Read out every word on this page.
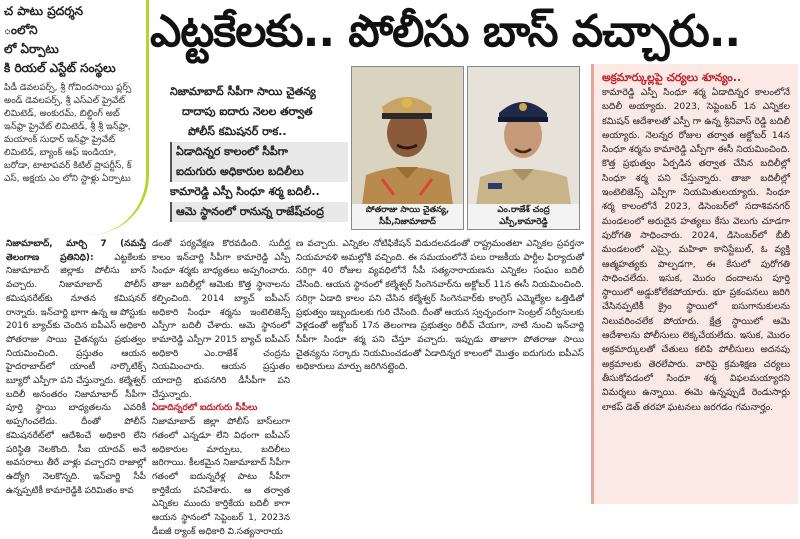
చ పాటు ప్రదర్శన
ంలోని
లో ఏర్పాటు
కి రియల్ ఎస్టేట్ సంస్థలు
పిడీ డెవలపర్స్, శ్రీ గోవిందసాయి ప్లర్స్ అండ్ డెవలపర్స్, శ్రీ ఎస్ఎల్ ప్రైవేట్ లిమిటెడ్, అంకురమ్, బిల్డింగ్ అబ్ ఇన్‌ఫ్రా ప్రైవేట్ లిమిటెడ్, శ్రీ శ్రీ ఇన్‌ఫ్రా, మయాంక్ సుధార్ ఇన్‌ఫ్రా ప్రైవేట్ లిమిటెడ్, బ్యాంక్ ఆఫ్ ఇండియా, బరోడా, టాటాపవర్ కిటిల్ ప్రాపర్టీస్, క్ ఎస్, అక్షయ ఎం లోని స్టాళ్లు ఏర్పాటు
ఎట్టకేలకు.. పోలీసు బాస్ వచ్చారు..
నిజామాబాద్ సీపీగా సాయి చైతన్య
దాదాపు ఐదారు నెలల తర్వాత
పోలీస్ కమిషనర్ రాక..
ఏడాదిన్నర కాలంలో సీపీగా
ఐదుగురు అధికారుల బదిలీలు
కామారెడ్డి ఎస్పీ సింధూ శర్మ బదిలీ..
ఆమె స్థానంలో రానున్న రాజేష్‌చంద్ర	పోతరాజు సాయి చైతన్య,
సీపీ,నిజామాబాద్
ఎం.రాజేశ్ చంద్ర
ఎస్పీ,కామారెడ్డి
నిజామాబాద్, మార్చి 7 (నమస్తే తెలంగాణ ప్రతినిధి): ఎట్టకేలకు నిజామాబాద్ జిల్లాకు పోలీసు బాస్ వచ్చారు. నిజామాబాద్ పోలీస్ కమిషనరేట్‌కు నూతన కమిషనర్ రాన్నారు. ఇన్‌చార్జి భాగా ఉన్న ఆ పోస్టుకు 2016 బ్యాచ్‌కు చెందిన ఐపీఎస్ అధికారి పోతరాజు సాయి చైతన్యను ప్రభుత్వం నియమించింది. ప్రస్తుతం ఆయన హైదరాబాద్‌లో యాంటీ నార్కొటిక్స్ బ్యూరో ఎస్పీగా పని చేస్తున్నారు. కల్మేశ్వర్ బదిలీ అనంతరం నిజామాబాద్ సీపీగా పూర్తి స్థాయి బాధ్యతలను ఎవరికీ అప్పగించలేదు. దీంతో పోలీస్ కమిషనరేట్‌లో ఆదేశించే అధికారి లేని పరిస్థితి నెలకొంది. సీఐ యాదవ్ అనే అవసరాలు తీరే వాళ్లు వచ్చారని రాజాల్లో ఉద్యోగి నెలకొన్నది. ఇన్‌చార్జి సీపీ ఉన్నప్పటికీ కామారెడ్డికి పరిమితం కావ
డంతో పర్యవేక్షణ కొరవడింది. సుదీర్ఘ కాలం ఇన్‌చార్జి సీపీగా కామారెడ్డి ఎస్పీ సింధూ శర్మకు బాధ్యతలు అప్పగించారు. తాజా బదిలీల్లో ఆమెకు కొత్త స్థానాలను కల్పించింది. 2014 బ్యాచ్ ఐపీఎస్ అధికారి సింధూ శర్మను ఇంటెలిజెన్స్ ఎస్పీగా బదిలీ చేశారు. ఆమె స్థానంలో కామారెడ్డి ఎస్పీగా 2015 బ్యాచ్ ఐపీఎస్ అధికారి ఎం.రాజేశ్ చంద్రను నియమించారు. ఆయన ప్రస్తుతం యాదాద్రి భువనగిరి డీసీపీగా పని చేస్తున్నారు.
ఏడాదిన్నరలో ఐదుగురు సీపీలు
నిజామాబాద్ జిల్లా పోలీస్ బాస్‌లుగా గతంలో ఎన్నడూ లేని విధంగా ఐపీఎస్ అధికారుల మార్పులు, బదిలీలు జరిగాయి. కీలకమైన నిజామాబాద్ సీపీగా గతంలో ఐదున్నరేళ్ల పాటు సీపీగా కార్తికేయ పనిచేశారు. ఆ తర్వాత ఎన్నికల ముందు కార్తికేయ బదిలీ కాగా ఆయన స్థానంలో సెప్టెంబర్ 1, 2023న డీఐజీ ర్యాంక్ అధికారి వి.సత్యనారాయ
ణ వచ్చారు. ఎన్నికల నోటిఫికేషన్ విడుదలవడంతో రాష్ట్రమంతటా ఎన్నికల ప్రవర్తనా నియమావళి అమల్లోకి వచ్చింది. ఈ సమయంలోనే పలు రాజకీయ పార్టీల ఫిర్యాదుతో సరిగ్గా 40 రోజుల వ్యవధిలోనే సీపీ సత్యనారాయణను ఎన్నికల సంఘం బదిలీ చేసింది. ఆయన స్థానంలో కల్మేశ్వర్ సింగెనవార్‌ను అక్టోబర్ 11న ఈసీ నియమించింది. సరిగ్గా ఏడాది కాలం పని చేసిన కల్మేశ్వర్ సింగెనవార్‌కు కాంగ్రెస్ ఎమ్మెల్యేల ఒత్తిడితో ప్రభుత్వం ఇబ్బందులకు గురి చేసింది. దీంతో ఆయన స్వచ్ఛందంగా సెంట్రల్ సర్వీసులకు వెళ్లడంతో అక్టోబర్ 17న తెలంగాణ ప్రభుత్వం రిలీవ్ చేయగా, నాటి నుంచి ఇన్‌చార్జి సీపీగా సింధూ శర్మ పని చేస్తూ వచ్చారు. ఇప్పుడు తాజాగా పోతరాజు సాయి చైతన్యను సర్కారు నియమించడంతో ఏడాదిన్నర కాలంలో మొత్తం ఐదుగురు ఐపీఎస్ అధికారులు మార్పు జరిగినట్లైంది.
అక్రమార్కుల్లపై చర్యలు శూన్యం..
కామారెడ్డి ఎస్పీ సింధూ శర్మ ఏడాదిన్నర కాలంలోనే బదిలీ అయ్యారు. 2023, సెప్టెంబర్ 1న ఎన్నికల కమిషన్ ఆదేశాలతో ఎస్పీ గా ఉన్న శ్రీనివాస్ రెడ్డి బదిలీ అయ్యారు. నెలన్నర రోజుల తర్వాత అక్టోబర్ 14న సింధూ శర్మను కామారెడ్డి ఎస్పీగా ఈసీ నియమించింది. కొత్త ప్రభుత్వం ఏర్పడిన తర్వాత చేసిన బదిలీల్లో సింధూ శర్మ పని చేస్తున్నారు. తాజా బదిలీల్లో ఇంటెలిజెన్స్ ఎస్పీగా నియమితులయ్యారు. సింధూ శర్మ కాలంలోనే 2023, డిసెంబర్‌లో సదాశివనగర్ మండలంలో అరుదైన హత్యలు కేసు వెలుగు చూడగా పురోగతి సాధించారు. 2024, డిసెంబర్‌లో బీబీ మండలంలో ఎస్సై, మహిళా కానిస్టేబుల్, ఓ వ్యక్తి ఆత్మహత్యకు పాల్పడగా, ఈ కేసులో పురోగతి సాధించలేదు. ఇసుక, మొరం దందాలను పూర్తి స్థాయిలో అడ్డుకోలేకపోయారు. భూ ప్రకంపనలు జరిగి చేసినప్పటికీ క్రైం స్థాయిలో ఐసుగానుకులను నిలువరించలేక పోయారు. క్షేత్ర స్థాయిలో ఆమె ఆదేశాలను పోలీసులు లెక్కచేయలేదు. ఇసుక, మొరం అక్రమార్కులతో చేతులు కలిపి పోలీసులు అదనపు అక్రమాలకు తెరలేపారు. వారిపై క్రమశిక్షణ చర్యలు తీసుకోవడంలో సింధూ శర్మ విఫలమయ్యారని విమర్శలు ఉన్నాయి. ఈమె ఉన్నప్పుడే రెండుసార్లు లాకప్ డెత్ తరహా ఘటనలు జరగడం గమనార్హం.
